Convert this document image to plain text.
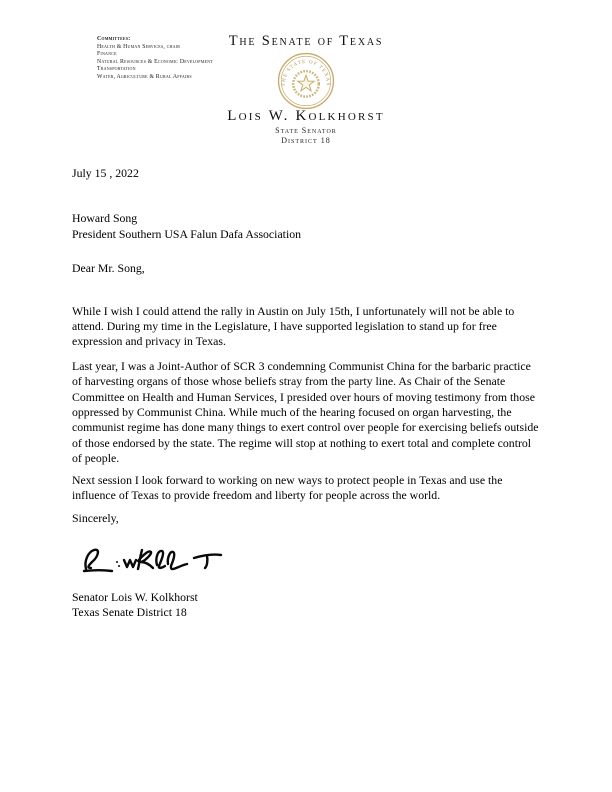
Committees:
Health & Human Services, chair
Finance
Natural Resources & Economic Development
Transportation
Water, Agriculture & Rural Affairs
The Senate of Texas
THE STATE OF TEXAS
Lois W. Kolkhorst
State Senator
District 18

July 15 , 2022

Howard Song
President Southern USA Falun Dafa Association

Dear Mr. Song,

While I wish I could attend the rally in Austin on July 15th, I unfortunately will not be able to attend. During my time in the Legislature, I have supported legislation to stand up for free expression and privacy in Texas.

Last year, I was a Joint-Author of SCR 3 condemning Communist China for the barbaric practice of harvesting organs of those whose beliefs stray from the party line. As Chair of the Senate Committee on Health and Human Services, I presided over hours of moving testimony from those oppressed by Communist China. While much of the hearing focused on organ harvesting, the communist regime has done many things to exert control over people for exercising beliefs outside of those endorsed by the state. The regime will stop at nothing to exert total and complete control of people.

Next session I look forward to working on new ways to protect people in Texas and use the influence of Texas to provide freedom and liberty for people across the world.

Sincerely,

Senator Lois W. Kolkhorst
Texas Senate District 18
